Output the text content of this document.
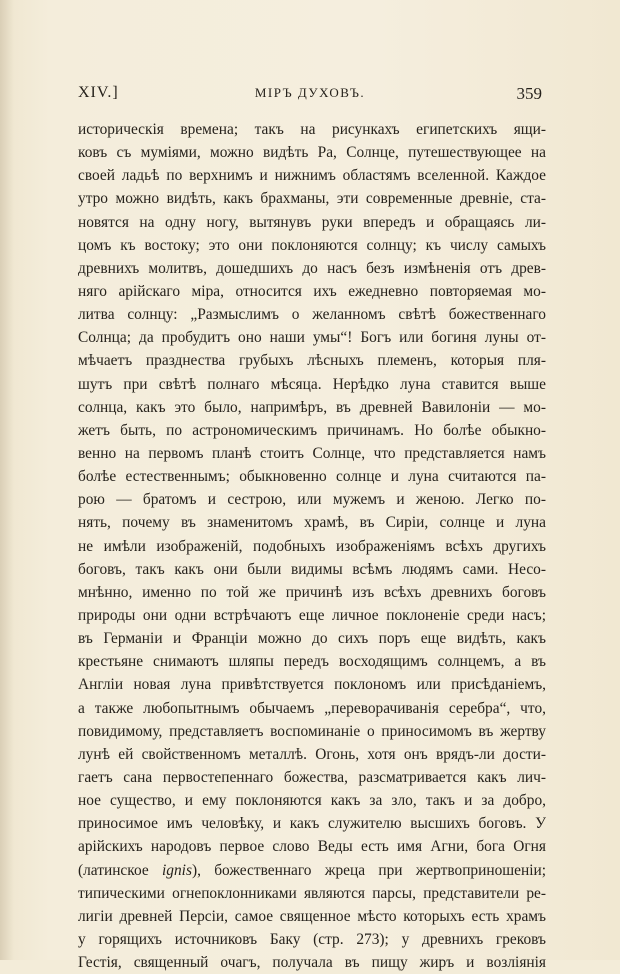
XIV.]	МІРЪ ДУХОВЪ.	359
историческія времена; такъ на рисункахъ египетскихъ ящи-
ковъ съ муміями, можно видѣть Ра, Солнце, путешествующее на
своей ладьѣ по верхнимъ и нижнимъ областямъ вселенной. Каждое
утро можно видѣть, какъ брахманы, эти современные древніе, ста-
новятся на одну ногу, вытянувъ руки впередъ и обращаясь ли-
цомъ къ востоку; это они поклоняются солнцу; къ числу самыхъ
древнихъ молитвъ, дошедшихъ до насъ безъ измѣненія отъ древ-
няго арійскаго міра, относится ихъ ежедневно повторяемая мо-
литва солнцу: „Размыслимъ о желанномъ свѣтѣ божественнаго
Солнца; да пробудитъ оно наши умы“! Богъ или богиня луны от-
мѣчаетъ празднества грубыхъ лѣсныхъ племенъ, которыя пля-
шутъ при свѣтѣ полнаго мѣсяца. Нерѣдко луна ставится выше
солнца, какъ это было, напримѣръ, въ древней Вавилоніи — мо-
жетъ быть, по астрономическимъ причинамъ. Но болѣе обыкно-
венно на первомъ планѣ стоитъ Солнце, что представляется намъ
болѣе естественнымъ; обыкновенно солнце и луна считаются па-
рою — братомъ и сестрою, или мужемъ и женою. Легко по-
нять, почему въ знаменитомъ храмѣ, въ Сиріи, солнце и луна
не имѣли изображеній, подобныхъ изображеніямъ всѣхъ другихъ
боговъ, такъ какъ они были видимы всѣмъ людямъ сами. Несо-
мнѣнно, именно по той же причинѣ изъ всѣхъ древнихъ боговъ
природы они одни встрѣчаютъ еще личное поклоненіе среди насъ;
въ Германіи и Франціи можно до сихъ поръ еще видѣть, какъ
крестьяне снимаютъ шляпы передъ восходящимъ солнцемъ, а въ
Англіи новая луна привѣтствуется поклономъ или присѣданіемъ,
а также любопытнымъ обычаемъ „переворачиванія серебра“, что,
повидимому, представляетъ воспоминаніе о приносимомъ въ жертву
лунѣ ей свойственномъ металлѣ. Огонь, хотя онъ врядъ-ли дости-
гаетъ сана первостепеннаго божества, разсматривается какъ лич-
ное существо, и ему поклоняются какъ за зло, такъ и за добро,
приносимое имъ человѣку, и какъ служителю высшихъ боговъ. У
арійскихъ народовъ первое слово Веды есть имя Агни, бога Огня
(латинское ignis), божественнаго жреца при жертвоприношеніи;
типическими огнепоклонниками являются парсы, представители ре-
лигіи древней Персіи, самое священное мѣсто которыхъ есть храмъ
у горящихъ источниковъ Баку (стр. 273); у древнихъ грековъ
Гестія, священный очагъ, получала въ пищу жиръ и возліянія
